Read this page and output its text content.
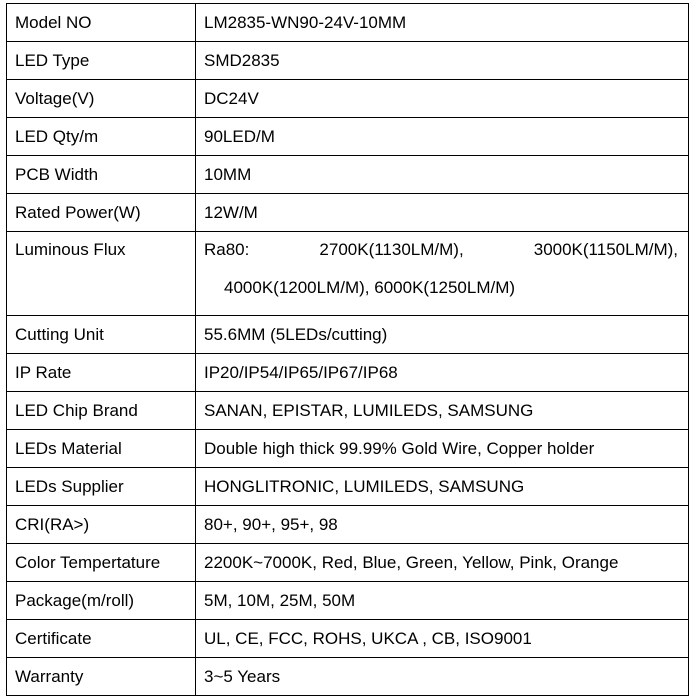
Model NO	LM2835-WN90-24V-10MM
LED Type	SMD2835
Voltage(V)	DC24V
LED Qty/m	90LED/M
PCB Width	10MM
Rated Power(W)	12W/M
Luminous Flux	Ra80: 2700K(1130LM/M), 3000K(1150LM/M),
4000K(1200LM/M), 6000K(1250LM/M)

Cutting Unit	55.6MM (5LEDs/cutting)
IP Rate	IP20/IP54/IP65/IP67/IP68
LED Chip Brand	SANAN, EPISTAR, LUMILEDS, SAMSUNG
LEDs Material	Double high thick 99.99% Gold Wire, Copper holder
LEDs Supplier	HONGLITRONIC, LUMILEDS, SAMSUNG
CRI(RA>)	80+, 90+, 95+, 98
Color Tempertature	2200K~7000K, Red, Blue, Green, Yellow, Pink, Orange
Package(m/roll)	5M, 10M, 25M, 50M
Certificate	UL, CE, FCC, ROHS, UKCA , CB, ISO9001
Warranty	3~5 Years
